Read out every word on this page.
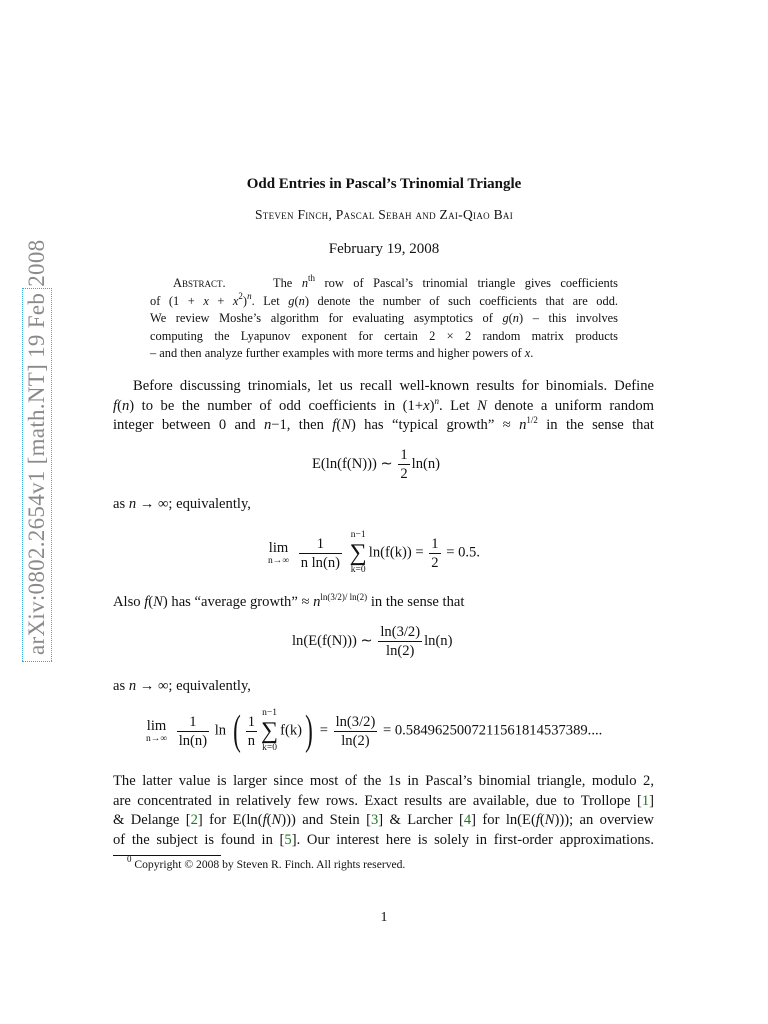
arXiv:0802.2654v1 [math.NT] 19 Feb 2008
Odd Entries in Pascal’s Trinomial Triangle
Steven Finch, Pascal Sebah and Zai-Qiao Bai
February 19, 2008
Abstract.     The $n^{th}$ row of Pascal’s trinomial triangle gives coefficients
of $(1 + x + x^2)^n$. Let g(n) denote the number of such coefficients that are odd.
We review Moshe’s algorithm for evaluating asymptotics of g(n) – this involves
computing the Lyapunov exponent for certain 2 × 2 random matrix products
– and then analyze further examples with more terms and higher powers of x.
Before discussing trinomials, let us recall well-known results for binomials. Define
f(n) to be the number of odd coefficients in $(1+x)^n$. Let N denote a uniform random
integer between 0 and n−1, then f(N) has “typical growth” ≈ $n^{1/2}$ in the sense that
E(ln(f(N))) ∼ $\frac{1}{2} \ln(n)$
as n → ∞; equivalently,
lim
n→∞
$\frac{1}{\text{n ln(n)}}$
n−1
∑
k=0
$\ln(f(k)) = \frac{1}{2} = 0.5$.
Also f(N) has “average growth” ≈ $n^{ln(3/2)/ ln(2)}$ in the sense that
ln(E(f(N))) ∼ $\frac{\ln(3/2)}{\ln(2)} \ln(n)$
as n → ∞; equivalently,
lim
n→∞
$\frac{1}{\ln(n)}$ ln ( $\frac{1}{n} n-1$
∑
k=0
$f(k)) = \frac{\ln(3/2)}{\ln(2)} = 0.5849625007211561814537389$....
The latter value is larger since most of the 1s in Pascal’s binomial triangle, modulo 2,
are concentrated in relatively few rows. Exact results are available, due to Trollope [1]
& Delange [2] for E(ln(f(N))) and Stein [3] & Larcher [4] for ln(E(f(N))); an overview
of the subject is found in [5]. Our interest here is solely in first-order approximations.
$^0$ Copyright © 2008 by Steven R. Finch. All rights reserved.
1
